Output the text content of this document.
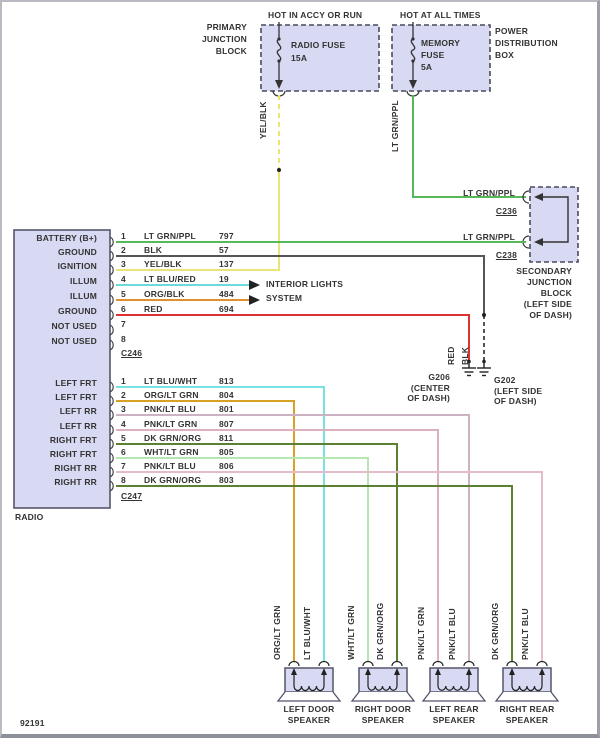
HOT IN ACCY OR RUN	HOT AT ALL TIMES
PRIMARY
JUNCTION
BLOCK
POWER
DISTRIBUTION
BOX
RADIO FUSE
15A
MEMORY
FUSE
5A
YEL/BLK	LT GRN/PPL
LT GRN/PPL
C236
LT GRN/PPL
C238
SECONDARY
JUNCTION
BLOCK
(LEFT SIDE
OF DASH)
BATTERY (B+)	1 LT GRN/PPL	797
GROUND	2 BLK	57
IGNITION	3 YEL/BLK	137
ILLUM	4 LT BLU/RED	19
ILLUM	5 ORG/BLK	484
GROUND	6 RED	694
NOT USED	7
NOT USED	8
C246
LEFT FRT	1 LT BLU/WHT	813
LEFT FRT	2 ORG/LT GRN 804
LEFT RR	3 PNK/LT BLU	801
LEFT RR	4 PNK/LT GRN	807
RIGHT FRT	5 DK GRN/ORG 811
RIGHT FRT	6 WHT/LT GRN 805
RIGHT RR	7 PNK/LT BLU	806
RIGHT RR	8 DK GRN/ORG 803
C247
RADIO
INTERIOR LIGHTS
SYSTEM
RED BLK
G206
(CENTER
OF DASH)
G202
(LEFT SIDE
OF DASH)
ORG/LT GRN LT BLU/WHT	WHT/LT GRN DK GRN/ORG	PNK/LT GRN PNK/LT BLU	DK GRN/ORG PNK/LT BLU
LEFT DOOR
SPEAKER
RIGHT DOOR
SPEAKER
LEFT REAR
SPEAKER
RIGHT REAR
SPEAKER
92191
